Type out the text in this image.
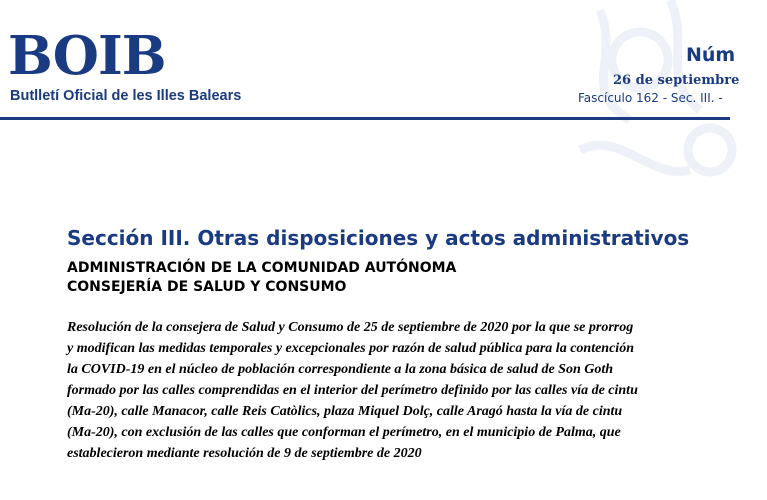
BOIB
Butlletí Oficial de les Illes Balears
Núm
26 de septiembre
Fascículo 162 - Sec. III. -
Sección III. Otras disposiciones y actos administrativos
ADMINISTRACIÓN DE LA COMUNIDAD AUTÓNOMA
CONSEJERÍA DE SALUD Y CONSUMO
Resolución de la consejera de Salud y Consumo de 25 de septiembre de 2020 por la que se prorrog
y modifican las medidas temporales y excepcionales por razón de salud pública para la contención
la COVID-19 en el núcleo de población correspondiente a la zona básica de salud de Son Goth
formado por las calles comprendidas en el interior del perímetro definido por las calles vía de cintu
(Ma-20), calle Manacor, calle Reis Catòlics, plaza Miquel Dolç, calle Aragó hasta la vía de cintu
(Ma-20), con exclusión de las calles que conforman el perímetro, en el municipio de Palma, que
establecieron mediante resolución de 9 de septiembre de 2020
